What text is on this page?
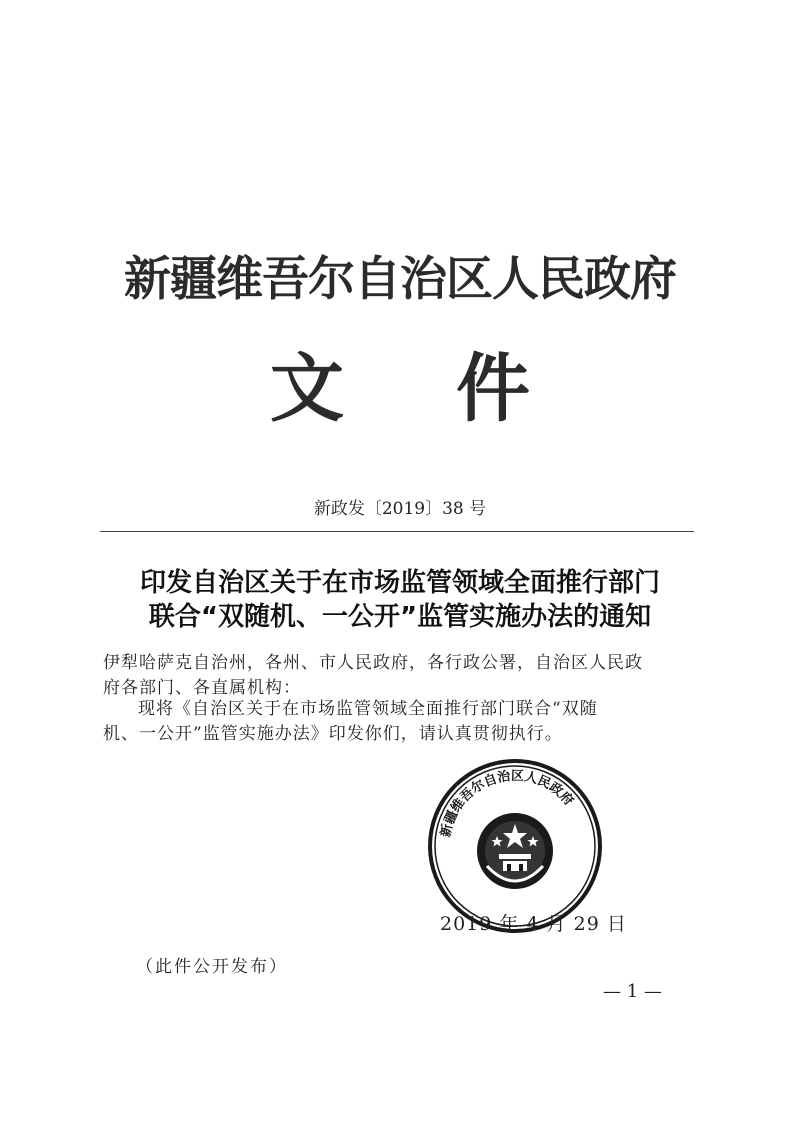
新疆维吾尔自治区人民政府
文 件
新政发〔2019〕38 号
印发自治区关于在市场监管领域全面推行部门
联合“双随机、一公开”监管实施办法的通知
伊犁哈萨克自治州，各州、市人民政府，各行政公署，自治区人民政
府各部门、各直属机构：
现将《自治区关于在市场监管领域全面推行部门联合“双随
机、一公开”监管实施办法》印发你们，请认真贯彻执行。
新疆维吾尔自治区人民政府
2019 年 4 月 29 日
（此件公开发布）
— 1 —
